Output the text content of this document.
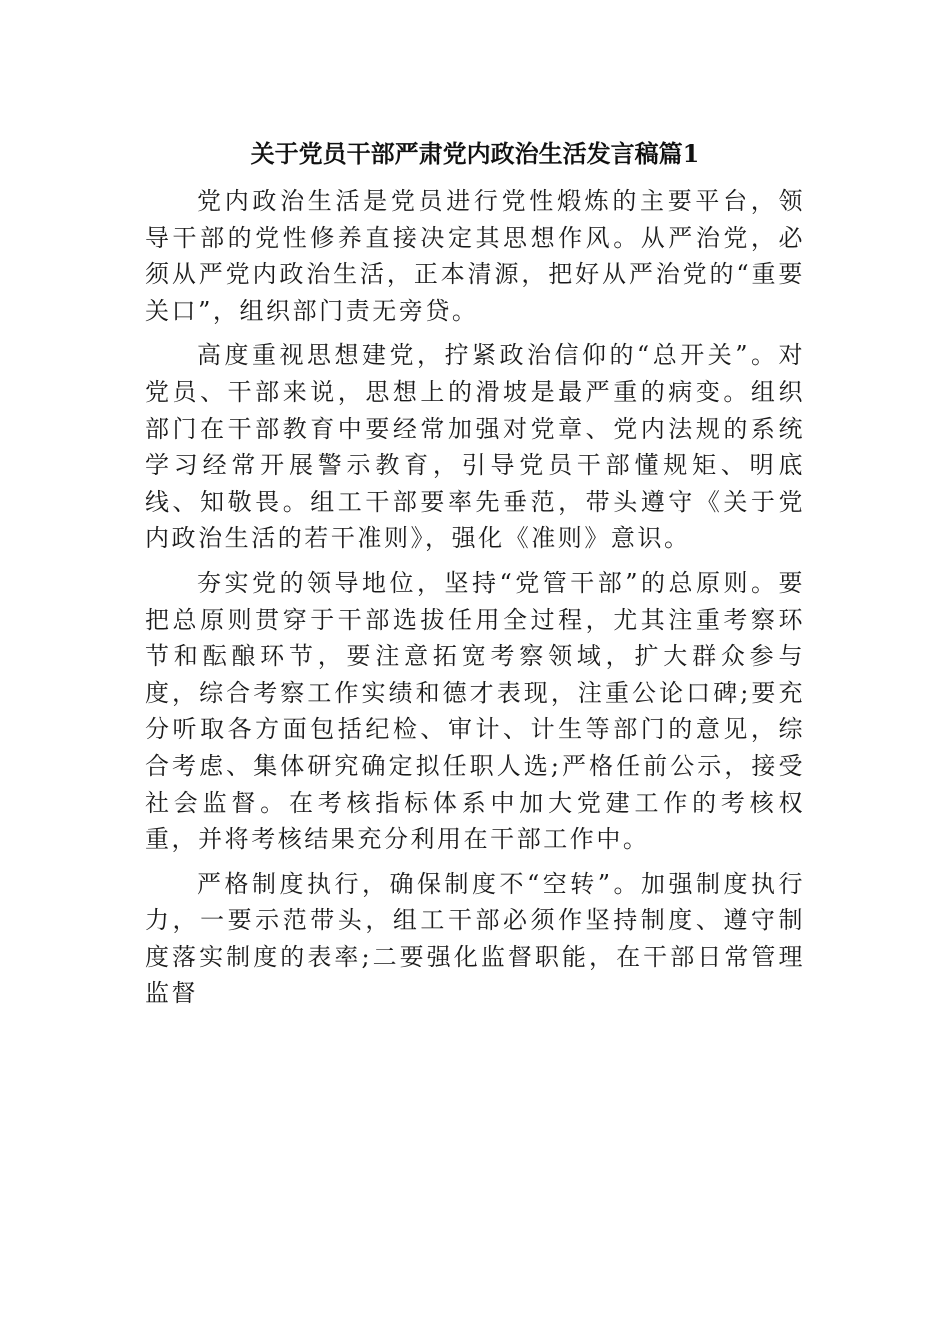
关于党员干部严肃党内政治生活发言稿篇1

党内政治生活是党员进行党性煅炼的主要平台，领导干部的党性修养直接决定其思想作风。从严治党，必须从严党内政治生活，正本清源，把好从严治党的“重要关口”，组织部门责无旁贷。

高度重视思想建党，拧紧政治信仰的“总开关”。对党员、干部来说，思想上的滑坡是最严重的病变。组织部门在干部教育中要经常加强对党章、党内法规的系统学习经常开展警示教育，引导党员干部懂规矩、明底线、知敬畏。组工干部要率先垂范，带头遵守《关于党内政治生活的若干准则》，强化《准则》意识。

夯实党的领导地位，坚持“党管干部”的总原则。要把总原则贯穿于干部选拔任用全过程，尤其注重考察环节和酝酿环节，要注意拓宽考察领域，扩大群众参与度，综合考察工作实绩和德才表现，注重公论口碑;要充分听取各方面包括纪检、审计、计生等部门的意见，综合考虑、集体研究确定拟任职人选;严格任前公示，接受社会监督。在考核指标体系中加大党建工作的考核权重，并将考核结果充分利用在干部工作中。

严格制度执行，确保制度不“空转”。加强制度执行力，一要示范带头，组工干部必须作坚持制度、遵守制度落实制度的表率;二要强化监督职能，在干部日常管理监督
